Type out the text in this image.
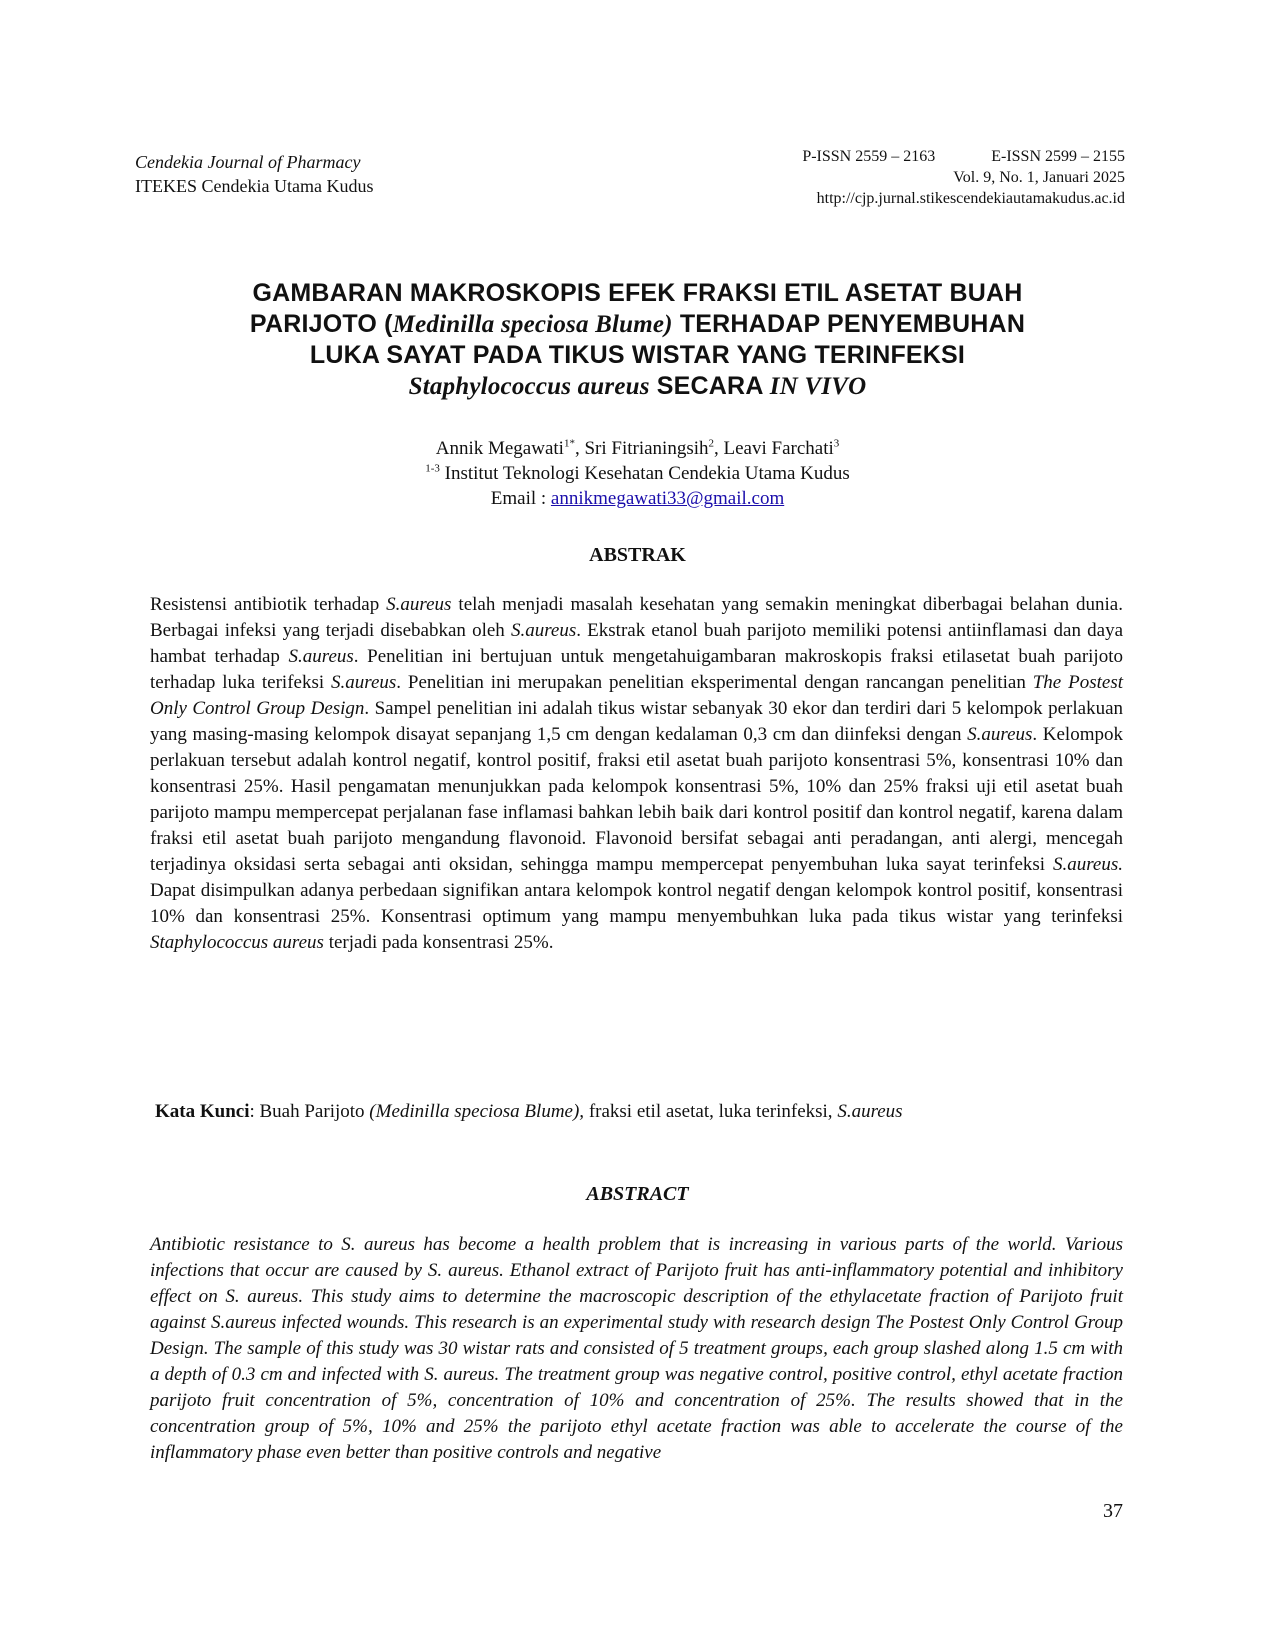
Cendekia Journal of Pharmacy
ITEKES Cendekia Utama Kudus
P-ISSN 2559 – 2163	E-ISSN 2599 – 2155
Vol. 9, No. 1, Januari 2025
http://cjp.jurnal.stikescendekiautamakudus.ac.id
GAMBARAN MAKROSKOPIS EFEK FRAKSI ETIL ASETAT BUAH
PARIJOTO (Medinilla speciosa Blume) TERHADAP PENYEMBUHAN
LUKA SAYAT PADA TIKUS WISTAR YANG TERINFEKSI
Staphylococcus aureus SECARA IN VIVO
Annik Megawati$^{1*}$, Sri Fitrianingsih$^2$, Leavi Farchati$^3$
$^{1-3}$ Institut Teknologi Kesehatan Cendekia Utama Kudus
Email : annikmegawati33@gmail.com
ABSTRAK
Resistensi antibiotik terhadap S.aureus telah menjadi masalah kesehatan yang semakin meningkat diberbagai belahan dunia. Berbagai infeksi yang terjadi disebabkan oleh S.aureus. Ekstrak etanol buah parijoto memiliki potensi antiinflamasi dan daya hambat terhadap S.aureus. Penelitian ini bertujuan untuk mengetahuigambaran makroskopis fraksi etilasetat buah parijoto terhadap luka terifeksi S.aureus. Penelitian ini merupakan penelitian eksperimental dengan rancangan penelitian The Postest Only Control Group Design. Sampel penelitian ini adalah tikus wistar sebanyak 30 ekor dan terdiri dari 5 kelompok perlakuan yang masing-masing kelompok disayat sepanjang 1,5 cm dengan kedalaman 0,3 cm dan diinfeksi dengan S.aureus. Kelompok perlakuan tersebut adalah kontrol negatif, kontrol positif, fraksi etil asetat buah parijoto konsentrasi 5%, konsentrasi 10% dan konsentrasi 25%. Hasil pengamatan menunjukkan pada kelompok konsentrasi 5%, 10% dan 25% fraksi uji etil asetat buah parijoto mampu mempercepat perjalanan fase inflamasi bahkan lebih baik dari kontrol positif dan kontrol negatif, karena dalam fraksi etil asetat buah parijoto mengandung flavonoid. Flavonoid bersifat sebagai anti peradangan, anti alergi, mencegah terjadinya oksidasi serta sebagai anti oksidan, sehingga mampu mempercepat penyembuhan luka sayat terinfeksi S.aureus. Dapat disimpulkan adanya perbedaan signifikan antara kelompok kontrol negatif dengan kelompok kontrol positif, konsentrasi 10% dan konsentrasi 25%. Konsentrasi optimum yang mampu menyembuhkan luka pada tikus wistar yang terinfeksi Staphylococcus aureus terjadi pada konsentrasi 25%.
Kata Kunci: Buah Parijoto (Medinilla speciosa Blume), fraksi etil asetat, luka terinfeksi, S.aureus
ABSTRACT
Antibiotic resistance to S. aureus has become a health problem that is increasing in various parts of the world. Various infections that occur are caused by S. aureus. Ethanol extract of Parijoto fruit has anti-inflammatory potential and inhibitory effect on S. aureus. This study aims to determine the macroscopic description of the ethylacetate fraction of Parijoto fruit against S.aureus infected wounds. This research is an experimental study with research design The Postest Only Control Group Design. The sample of this study was 30 wistar rats and consisted of 5 treatment groups, each group slashed along 1.5 cm with a depth of 0.3 cm and infected with S. aureus. The treatment group was negative control, positive control, ethyl acetate fraction parijoto fruit concentration of 5%, concentration of 10% and concentration of 25%. The results showed that in the concentration group of 5%, 10% and 25% the parijoto ethyl acetate fraction was able to accelerate the course of the inflammatory phase even better than positive controls and negative
37
